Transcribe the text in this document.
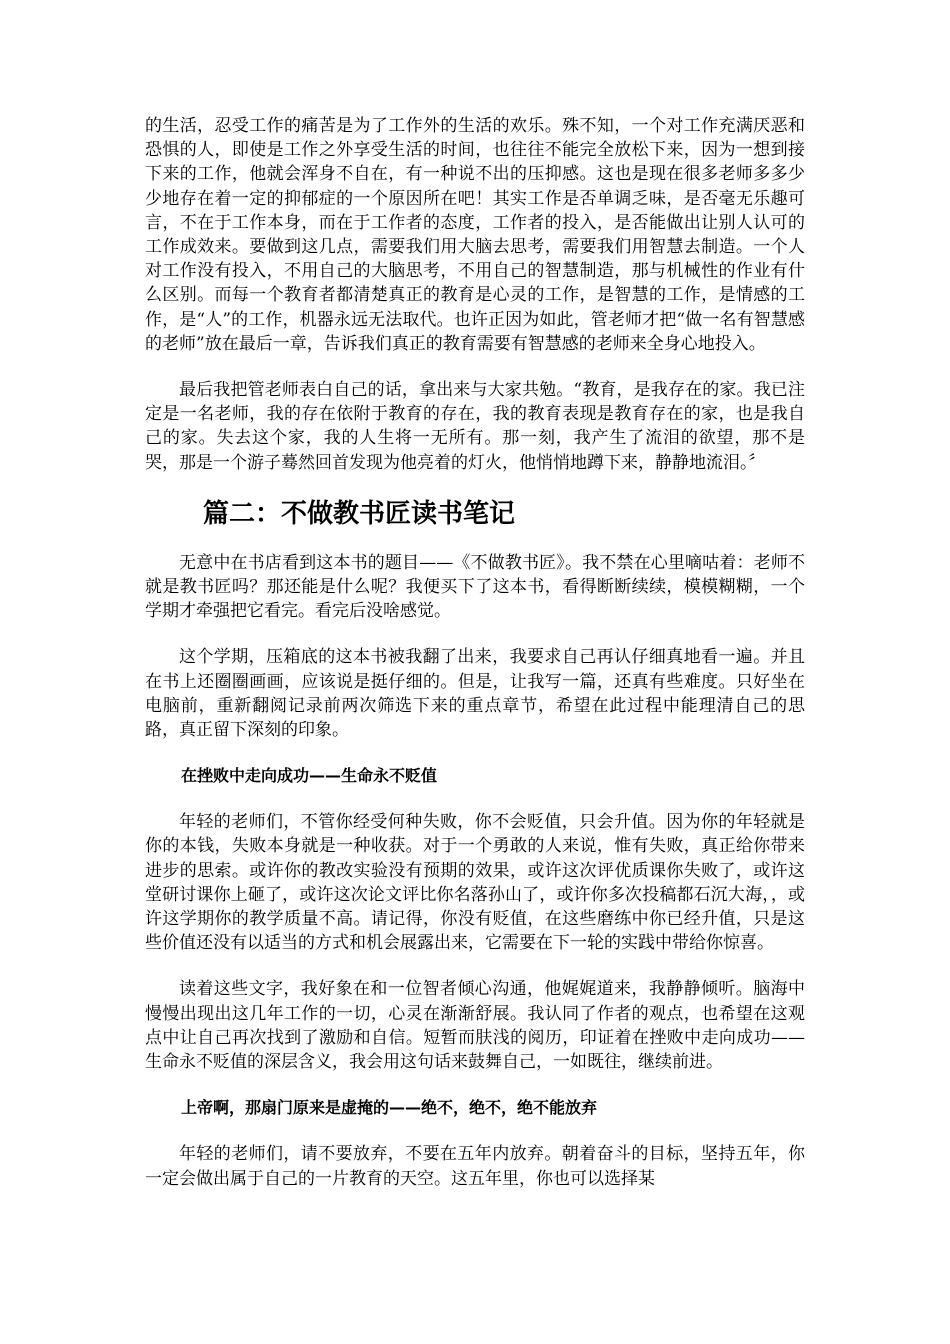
的生活，忍受工作的痛苦是为了工作外的生活的欢乐。殊不知，一个对工作充满厌恶和恐惧的人，即使是工作之外享受生活的时间，也往往不能完全放松下来，因为一想到接下来的工作，他就会浑身不自在，有一种说不出的压抑感。这也是现在很多老师多多少少地存在着一定的抑郁症的一个原因所在吧！其实工作是否单调乏味，是否毫无乐趣可言，不在于工作本身，而在于工作者的态度，工作者的投入，是否能做出让别人认可的工作成效来。要做到这几点，需要我们用大脑去思考，需要我们用智慧去制造。一个人对工作没有投入，不用自己的大脑思考，不用自己的智慧制造，那与机械性的作业有什么区别。而每一个教育者都清楚真正的教育是心灵的工作，是智慧的工作，是情感的工作，是“人”的工作，机器永远无法取代。也许正因为如此，管老师才把“做一名有智慧感的老师”放在最后一章，告诉我们真正的教育需要有智慧感的老师来全身心地投入。

最后我把管老师表白自己的话，拿出来与大家共勉。“教育，是我存在的家。我已注定是一名老师，我的存在依附于教育的存在，我的教育表现是教育存在的家，也是我自己的家。失去这个家，我的人生将一无所有。那一刻，我产生了流泪的欲望，那不是哭，那是一个游子蓦然回首发现为他亮着的灯火，他悄悄地蹲下来，静静地流泪。〞

篇二：不做教书匠读书笔记

无意中在书店看到这本书的题目——《不做教书匠》。我不禁在心里嘀咕着：老师不就是教书匠吗？那还能是什么呢？我便买下了这本书，看得断断续续，模模糊糊，一个学期才牵强把它看完。看完后没啥感觉。

这个学期，压箱底的这本书被我翻了出来，我要求自己再认仔细真地看一遍。并且在书上还圈圈画画，应该说是挺仔细的。但是，让我写一篇，还真有些难度。只好坐在电脑前，重新翻阅记录前两次筛选下来的重点章节，希望在此过程中能理清自己的思路，真正留下深刻的印象。

在挫败中走向成功——生命永不贬值

年轻的老师们，不管你经受何种失败，你不会贬值，只会升值。因为你的年轻就是你的本钱，失败本身就是一种收获。对于一个勇敢的人来说，惟有失败，真正给你带来进步的思索。或许你的教改实验没有预期的效果，或许这次评优质课你失败了，或许这堂研讨课你上砸了，或许这次论文评比你名落孙山了，或许你多次投稿都石沉大海，，或许这学期你的教学质量不高。请记得，你没有贬值，在这些磨练中你已经升值，只是这些价值还没有以适当的方式和机会展露出来，它需要在下一轮的实践中带给你惊喜。

读着这些文字，我好象在和一位智者倾心沟通，他娓娓道来，我静静倾听。脑海中慢慢出现出这几年工作的一切，心灵在渐渐舒展。我认同了作者的观点，也希望在这观点中让自己再次找到了激励和自信。短暂而肤浅的阅历，印证着在挫败中走向成功——生命永不贬值的深层含义，我会用这句话来鼓舞自己，一如既往，继续前进。

上帝啊，那扇门原来是虚掩的——绝不，绝不，绝不能放弃

年轻的老师们，请不要放弃，不要在五年内放弃。朝着奋斗的目标，坚持五年，你一定会做出属于自己的一片教育的天空。这五年里，你也可以选择某
